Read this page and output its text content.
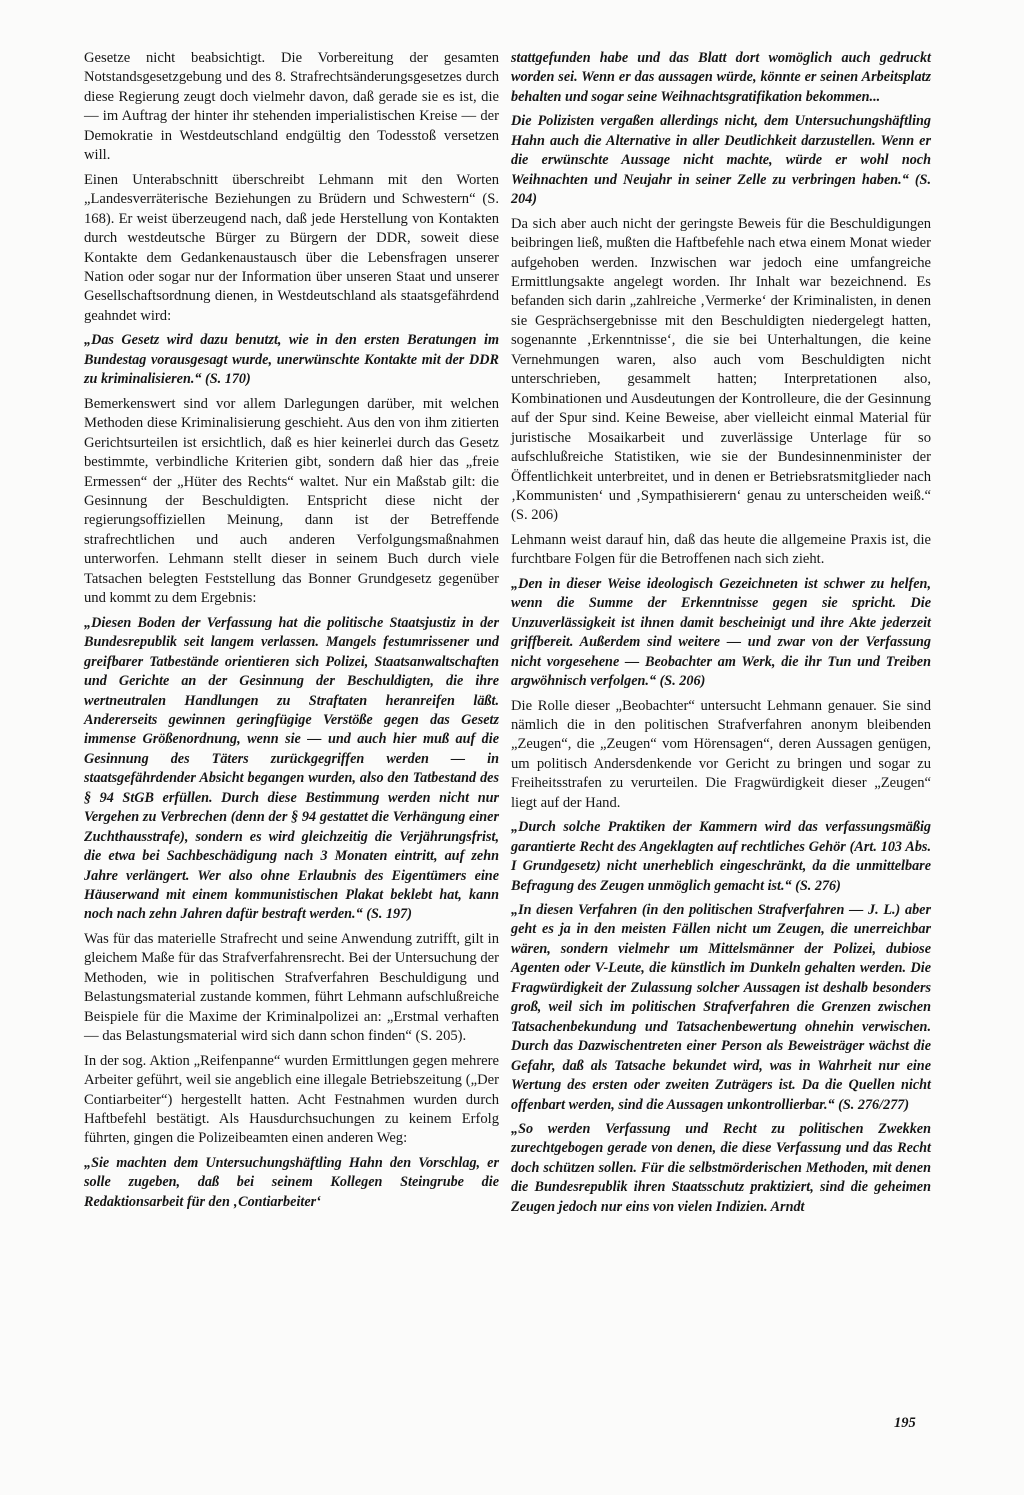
Gesetze nicht beabsichtigt. Die Vorbereitung der gesamten Notstandsgesetzgebung und des 8. Strafrechtsänderungsgesetzes durch diese Regierung zeugt doch vielmehr davon, daß gerade sie es ist, die — im Auftrag der hinter ihr stehenden imperialistischen Kreise — der Demokratie in Westdeutschland endgültig den Todesstoß versetzen will.

Einen Unterabschnitt überschreibt Lehmann mit den Worten „Landesverräterische Beziehungen zu Brüdern und Schwestern“ (S. 168). Er weist überzeugend nach, daß jede Herstellung von Kontakten durch westdeutsche Bürger zu Bürgern der DDR, soweit diese Kontakte dem Gedankenaustausch über die Lebensfragen unserer Nation oder sogar nur der Information über unseren Staat und unserer Gesellschaftsordnung dienen, in Westdeutschland als staatsgefährdend geahndet wird:

„Das Gesetz wird dazu benutzt, wie in den ersten Beratungen im Bundestag vorausgesagt wurde, unerwünschte Kontakte mit der DDR zu kriminalisieren.“ (S. 170)

Bemerkenswert sind vor allem Darlegungen darüber, mit welchen Methoden diese Kriminalisierung geschieht. Aus den von ihm zitierten Gerichtsurteilen ist ersichtlich, daß es hier keinerlei durch das Gesetz bestimmte, verbindliche Kriterien gibt, sondern daß hier das „freie Ermessen“ der „Hüter des Rechts“ waltet. Nur ein Maßstab gilt: die Gesinnung der Beschuldigten. Entspricht diese nicht der regierungsoffiziellen Meinung, dann ist der Betreffende strafrechtlichen und auch anderen Verfolgungsmaßnahmen unterworfen. Lehmann stellt dieser in seinem Buch durch viele Tatsachen belegten Feststellung das Bonner Grundgesetz gegenüber und kommt zu dem Ergebnis:

„Diesen Boden der Verfassung hat die politische Staatsjustiz in der Bundesrepublik seit langem verlassen. Mangels festumrissener und greifbarer Tatbestände orientieren sich Polizei, Staatsanwaltschaften und Gerichte an der Gesinnung der Beschuldigten, die ihre wertneutralen Handlungen zu Straftaten heranreifen läßt. Andererseits gewinnen geringfügige Verstöße gegen das Gesetz immense Größenordnung, wenn sie — und auch hier muß auf die Gesinnung des Täters zurückgegriffen werden — in staatsgefährdender Absicht begangen wurden, also den Tatbestand des § 94 StGB erfüllen. Durch diese Bestimmung werden nicht nur Vergehen zu Verbrechen (denn der § 94 gestattet die Verhängung einer Zuchthausstrafe), sondern es wird gleichzeitig die Verjährungsfrist, die etwa bei Sachbeschädigung nach 3 Monaten eintritt, auf zehn Jahre verlängert. Wer also ohne Erlaubnis des Eigentümers eine Häuserwand mit einem kommunistischen Plakat beklebt hat, kann noch nach zehn Jahren dafür bestraft werden.“ (S. 197)

Was für das materielle Strafrecht und seine Anwendung zutrifft, gilt in gleichem Maße für das Strafverfahrensrecht. Bei der Untersuchung der Methoden, wie in politischen Strafverfahren Beschuldigung und Belastungsmaterial zustande kommen, führt Lehmann aufschlußreiche Beispiele für die Maxime der Kriminalpolizei an: „Erstmal verhaften — das Belastungsmaterial wird sich dann schon finden“ (S. 205).

In der sog. Aktion „Reifenpanne“ wurden Ermittlungen gegen mehrere Arbeiter geführt, weil sie angeblich eine illegale Betriebszeitung („Der Contiarbeiter“) hergestellt hatten. Acht Festnahmen wurden durch Haftbefehl bestätigt. Als Hausdurchsuchungen zu keinem Erfolg führten, gingen die Polizeibeamten einen anderen Weg:

„Sie machten dem Untersuchungshäftling Hahn den Vorschlag, er solle zugeben, daß bei seinem Kollegen Steingrube die Redaktionsarbeit für den ‚Contiarbeiter‘

stattgefunden habe und das Blatt dort womöglich auch gedruckt worden sei. Wenn er das aussagen würde, könnte er seinen Arbeitsplatz behalten und sogar seine Weihnachtsgratifikation bekommen...

Die Polizisten vergaßen allerdings nicht, dem Untersuchungshäftling Hahn auch die Alternative in aller Deutlichkeit darzustellen. Wenn er die erwünschte Aussage nicht machte, würde er wohl noch Weihnachten und Neujahr in seiner Zelle zu verbringen haben.“ (S. 204)

Da sich aber auch nicht der geringste Beweis für die Beschuldigungen beibringen ließ, mußten die Haftbefehle nach etwa einem Monat wieder aufgehoben werden. Inzwischen war jedoch eine umfangreiche Ermittlungsakte angelegt worden. Ihr Inhalt war bezeichnend. Es befanden sich darin „zahlreiche ‚Vermerke‘ der Kriminalisten, in denen sie Gesprächsergebnisse mit den Beschuldigten niedergelegt hatten, sogenannte ‚Erkenntnisse‘, die sie bei Unterhaltungen, die keine Vernehmungen waren, also auch vom Beschuldigten nicht unterschrieben, gesammelt hatten; Interpretationen also, Kombinationen und Ausdeutungen der Kontrolleure, die der Gesinnung auf der Spur sind. Keine Beweise, aber vielleicht einmal Material für juristische Mosaikarbeit und zuverlässige Unterlage für so aufschlußreiche Statistiken, wie sie der Bundesinnenminister der Öffentlichkeit unterbreitet, und in denen er Betriebsratsmitglieder nach ‚Kommunisten‘ und ‚Sympathisierern‘ genau zu unterscheiden weiß.“ (S. 206)

Lehmann weist darauf hin, daß das heute die allgemeine Praxis ist, die furchtbare Folgen für die Betroffenen nach sich zieht.

„Den in dieser Weise ideologisch Gezeichneten ist schwer zu helfen, wenn die Summe der Erkenntnisse gegen sie spricht. Die Unzuverlässigkeit ist ihnen damit bescheinigt und ihre Akte jederzeit griffbereit. Außerdem sind weitere — und zwar von der Verfassung nicht vorgesehene — Beobachter am Werk, die ihr Tun und Treiben argwöhnisch verfolgen.“ (S. 206)

Die Rolle dieser „Beobachter“ untersucht Lehmann genauer. Sie sind nämlich die in den politischen Strafverfahren anonym bleibenden „Zeugen“, die „Zeugen“ vom Hörensagen“, deren Aussagen genügen, um politisch Andersdenkende vor Gericht zu bringen und sogar zu Freiheitsstrafen zu verurteilen. Die Fragwürdigkeit dieser „Zeugen“ liegt auf der Hand.

„Durch solche Praktiken der Kammern wird das verfassungsmäßig garantierte Recht des Angeklagten auf rechtliches Gehör (Art. 103 Abs. I Grundgesetz) nicht unerheblich eingeschränkt, da die unmittelbare Befragung des Zeugen unmöglich gemacht ist.“ (S. 276)

„In diesen Verfahren (in den politischen Strafverfahren — J. L.) aber geht es ja in den meisten Fällen nicht um Zeugen, die unerreichbar wären, sondern vielmehr um Mittelsmänner der Polizei, dubiose Agenten oder V-Leute, die künstlich im Dunkeln gehalten werden. Die Fragwürdigkeit der Zulassung solcher Aussagen ist deshalb besonders groß, weil sich im politischen Strafverfahren die Grenzen zwischen Tatsachenbekundung und Tatsachenbewertung ohnehin verwischen. Durch das Dazwischentreten einer Person als Beweisträger wächst die Gefahr, daß als Tatsache bekundet wird, was in Wahrheit nur eine Wertung des ersten oder zweiten Zuträgers ist. Da die Quellen nicht offenbart werden, sind die Aussagen unkontrollierbar.“ (S. 276/277)

„So werden Verfassung und Recht zu politischen Zwekken zurechtgebogen gerade von denen, die diese Verfassung und das Recht doch schützen sollen. Für die selbstmörderischen Methoden, mit denen die Bundesrepublik ihren Staatsschutz praktiziert, sind die geheimen Zeugen jedoch nur eins von vielen Indizien. Arndt

195
